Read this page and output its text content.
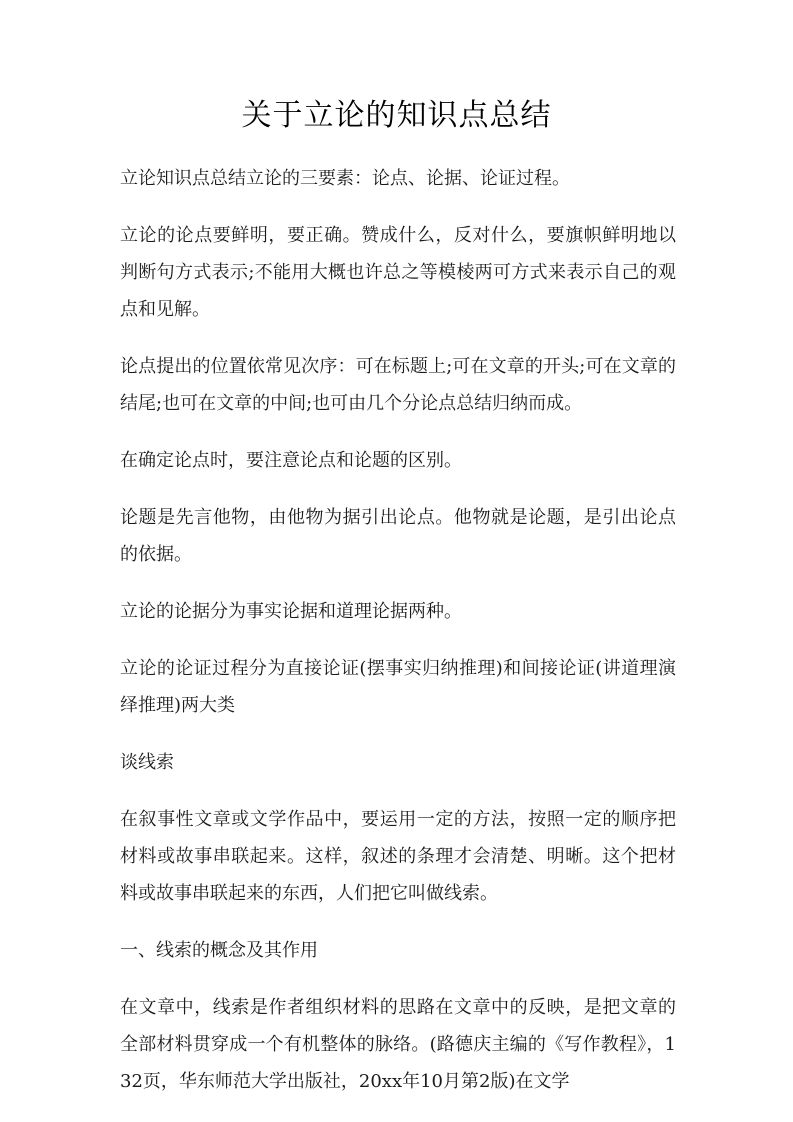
关于立论的知识点总结

立论知识点总结立论的三要素：论点、论据、论证过程。

立论的论点要鲜明，要正确。赞成什么，反对什么，要旗帜鲜明地以判断句方式表示;不能用大概也许总之等模棱两可方式来表示自己的观点和见解。

论点提出的位置依常见次序：可在标题上;可在文章的开头;可在文章的结尾;也可在文章的中间;也可由几个分论点总结归纳而成。

在确定论点时，要注意论点和论题的区别。

论题是先言他物，由他物为据引出论点。他物就是论题，是引出论点的依据。

立论的论据分为事实论据和道理论据两种。

立论的论证过程分为直接论证(摆事实归纳推理)和间接论证(讲道理演绎推理)两大类

谈线索

在叙事性文章或文学作品中，要运用一定的方法，按照一定的顺序把材料或故事串联起来。这样，叙述的条理才会清楚、明晰。这个把材料或故事串联起来的东西，人们把它叫做线索。

一、线索的概念及其作用

在文章中，线索是作者组织材料的思路在文章中的反映，是把文章的全部材料贯穿成一个有机整体的脉络。(路德庆主编的《写作教程》，132页，华东师范大学出版社，20xx年10月第2版)在文学
